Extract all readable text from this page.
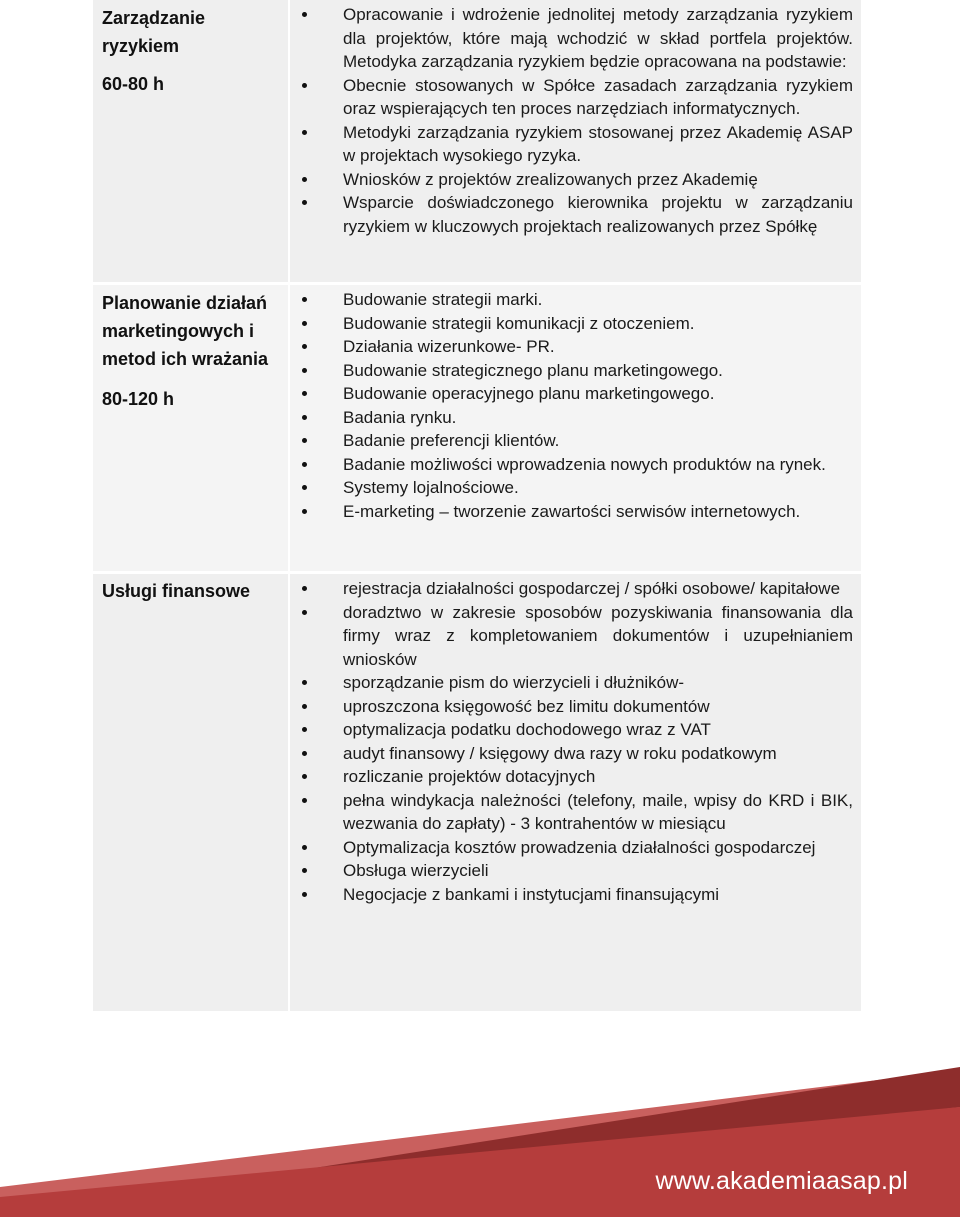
Zarządzanie ryzykiem
60-80 h
Opracowanie i wdrożenie jednolitej metody zarządzania ryzykiem dla projektów, które mają wchodzić w skład portfela projektów. Metodyka zarządzania ryzykiem będzie opracowana na podstawie:
Obecnie stosowanych w Spółce zasadach zarządzania ryzykiem oraz wspierających ten proces narzędziach informatycznych.
Metodyki zarządzania ryzykiem stosowanej przez Akademię ASAP w projektach wysokiego ryzyka.
Wniosków z projektów zrealizowanych przez Akademię
Wsparcie doświadczonego kierownika projektu w zarządzaniu ryzykiem w kluczowych projektach realizowanych przez Spółkę
Planowanie działań marketingowych i metod ich wrażania
80-120 h
Budowanie strategii marki.
Budowanie strategii komunikacji z otoczeniem.
Działania wizerunkowe- PR.
Budowanie strategicznego planu marketingowego.
Budowanie operacyjnego planu marketingowego.
Badania rynku.
Badanie preferencji klientów.
Badanie możliwości wprowadzenia nowych produktów na rynek.
Systemy lojalnościowe.
E-marketing – tworzenie zawartości serwisów internetowych.
Usługi finansowe	rejestracja działalności gospodarczej / spółki osobowe/ kapitałowe
doradztwo w zakresie sposobów pozyskiwania finansowania dla firmy wraz z kompletowaniem dokumentów i uzupełnianiem wniosków
sporządzanie pism do wierzycieli i dłużników-
uproszczona księgowość bez limitu dokumentów
optymalizacja podatku dochodowego wraz z VAT
audyt finansowy / księgowy dwa razy w roku podatkowym
rozliczanie projektów dotacyjnych
pełna windykacja należności (telefony, maile, wpisy do KRD i BIK, wezwania do zapłaty) - 3 kontrahentów w miesiącu
Optymalizacja kosztów prowadzenia działalności gospodarczej
Obsługa wierzycieli
Negocjacje z bankami i instytucjami finansującymi
www.akademiaasap.pl
